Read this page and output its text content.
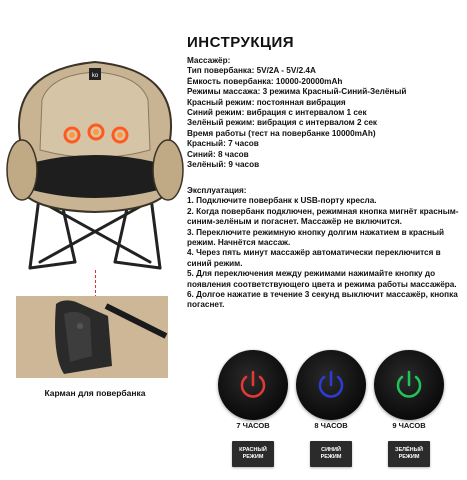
ko
Карман для повербанка
ИНСТРУКЦИЯ
Массажёр:
Тип повербанка: 5V/2A - 5V/2.4A
Ёмкость повербанка: 10000-20000mAh
Режимы массажа: 3 режима Красный-Синий-Зелёный
Красный режим: постоянная вибрация
Синий режим: вибрация с интервалом 1 сек
Зелёный режим: вибрация с интервалом 2 сек
Время работы (тест на повербанке 10000mAh)
Красный: 7 часов
Синий: 8 часов
Зелёный: 9 часов
Эксплуатация:
1. Подключите повербанк к USB-порту кресла.
2. Когда повербанк подключен, режимная кнопка мигнёт красным-синим-зелёным и погаснет. Массажёр не включится.
3. Переключите режимную кнопку долгим нажатием в красный режим. Начнётся массаж.
4. Через пять минут массажёр автоматически переключится в синий режим.
5. Для переключения между режимами нажимайте кнопку до появления соответствующего цвета и режима работы массажёра.
6. Долгое нажатие в течение 3 секунд выключит массажёр, кнопка погаснет.
7 ЧАСОВ	8 ЧАСОВ	9 ЧАСОВ
КРАСНЫЙ
РЕЖИМ
СИНИЙ
РЕЖИМ
ЗЕЛЁНЫЙ
РЕЖИМ
